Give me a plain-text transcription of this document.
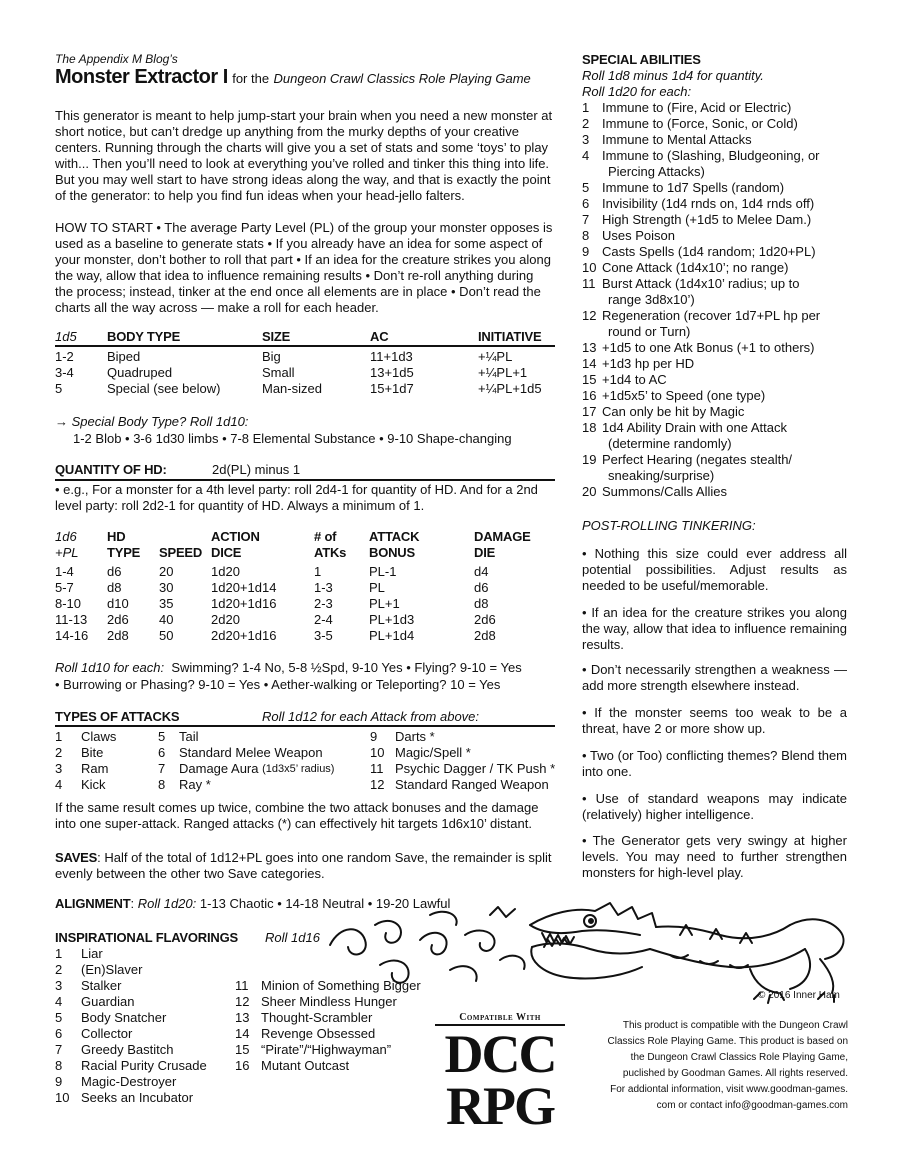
The Appendix M Blog’s
Monster Extractor I for the Dungeon Crawl Classics Role Playing Game

This generator is meant to help jump-start your brain when you need a new monster at short notice, but can’t dredge up anything from the murky depths of your creative centers. Running through the charts will give you a set of stats and some ‘toys’ to play with... Then you’ll need to look at everything you’ve rolled and tinker this thing into life. But you may well start to have strong ideas along the way, and that is exactly the point of the generator: to help you find fun ideas when your head-jello falters.

HOW TO START • The average Party Level (PL) of the group your monster opposes is used as a baseline to generate stats • If you already have an idea for some aspect of your monster, don’t bother to roll that part • If an idea for the creature strikes you along the way, allow that idea to influence remaining results • Don’t re-roll anything during the process; instead, tinker at the end once all elements are in place • Don’t read the charts all the way across — make a roll for each header.

1d5	BODY TYPE	SIZE	AC	INITIATIVE

1-2	Biped	Big	11+1d3	+¼PL
3-4	Quadruped	Small	13+1d5	+¼PL+1
5	Special (see below)	Man-sized	15+1d7	+¼PL+1d5
→ Special Body Type? Roll 1d10:
1-2 Blob • 3-6 1d30 limbs • 7-8 Elemental Substance • 9-10 Shape-changing
QUANTITY OF HD:	2d(PL) minus 1

• e.g., For a monster for a 4th level party: roll 2d4-1 for quantity of HD. And for a 2nd level party: roll 2d2-1 for quantity of HD. Always a minimum of 1.

1d6	HD		ACTION	# of	ATTACK	DAMAGE
+PL	TYPE	SPEED	DICE	ATKs	BONUS	DIE

1-4	d6	20	1d20	1	PL-1	d4
5-7	d8	30	1d20+1d14	1-3	PL	d6
8-10	d10	35	1d20+1d16	2-3	PL+1	d8
11-13	2d6	40	2d20	2-4	PL+1d3	2d6
14-16	2d8	50	2d20+1d16	3-5	PL+1d4	2d8
Roll 1d10 for each: Swimming? 1-4 No, 5-8 ½Spd, 9-10 Yes • Flying? 9-10 = Yes
• Burrowing or Phasing? 9-10 = Yes • Aether-walking or Teleporting? 10 = Yes
TYPES OF ATTACKS	Roll 1d12 for each Attack from above:
1	Claws
2	Bite
3	Ram
4	Kick
5	Tail
6	Standard Melee Weapon
7	Damage Aura
(1d3x5’ radius)
8	Ray *
9	Darts *
10 Magic/Spell *
11 Psychic Dagger / TK Push *
12 Standard Ranged Weapon

If the same result comes up twice, combine the two attack bonuses and the damage into one super-attack. Ranged attacks (*) can effectively hit targets 1d6x10’ distant.

SAVES: Half of the total of 1d12+PL goes into one random Save, the remainder is split evenly between the other two Save categories.

ALIGNMENT: Roll 1d20: 1-13 Chaotic • 14-18 Neutral • 19-20 Lawful
INSPIRATIONAL FLAVORINGS Roll 1d16
1	Liar
2	(En)Slaver
3	Stalker
4	Guardian
5	Body Snatcher
6	Collector
7	Greedy Bastitch
8	Racial Purity Crusade
9	Magic-Destroyer
10 Seeks an Incubator
11 Minion of Something Bigger
12 Sheer Mindless Hunger
13 Thought-Scrambler
14 Revenge Obsessed
15 “Pirate”/“Highwayman”
16 Mutant Outcast
SPECIAL ABILITIES
Roll 1d8 minus 1d4 for quantity.
Roll 1d20 for each:
1 Immune to (Fire, Acid or Electric)
2 Immune to (Force, Sonic, or Cold)
3 Immune to Mental Attacks
4 Immune to (Slashing, Bludgeoning, or
Piercing Attacks)
5 Immune to 1d7 Spells (random)
6 Invisibility (1d4 rnds on, 1d4 rnds off)
7 High Strength (+1d5 to Melee Dam.)
8 Uses Poison
9 Casts Spells (1d4 random; 1d20+PL)
10 Cone Attack (1d4x10’; no range)
11 Burst Attack (1d4x10’ radius; up to
range 3d8x10’)
12 Regeneration (recover 1d7+PL hp per
round or Turn)
13 +1d5 to one Atk Bonus (+1 to others)
14 +1d3 hp per HD
15 +1d4 to AC
16 +1d5x5’ to Speed (one type)
17 Can only be hit by Magic
18 1d4 Ability Drain with one Attack
(determine randomly)
19 Perfect Hearing (negates stealth/
sneaking/surprise)
20 Summons/Calls Allies
POST-ROLLING TINKERING:

• Nothing this size could ever address all potential possibilities. Adjust results as needed to be useful/memorable.

• If an idea for the creature strikes you along the way, allow that idea to influence remaining results.

• Don’t necessarily strengthen a weakness — add more strength elsewhere instead.

• If the monster seems too weak to be a threat, have 2 or more show up.

• Two (or Too) conflicting themes? Blend them into one.

• Use of standard weapons may indicate (relatively) higher intelligence.

• The Generator gets very swingy at higher levels. You may need to further strengthen monsters for high-level play.

© 2016 Inner Ham
Compatible With
DCC
RPG
This product is compatible with the Dungeon Crawl
Classics Role Playing Game. This product is based on
the Dungeon Crawl Classics Role Playing Game,
puclished by Goodman Games. All rights reserved.
For addiontal information, visit www.goodman-games.
com or contact info@goodman-games.com
